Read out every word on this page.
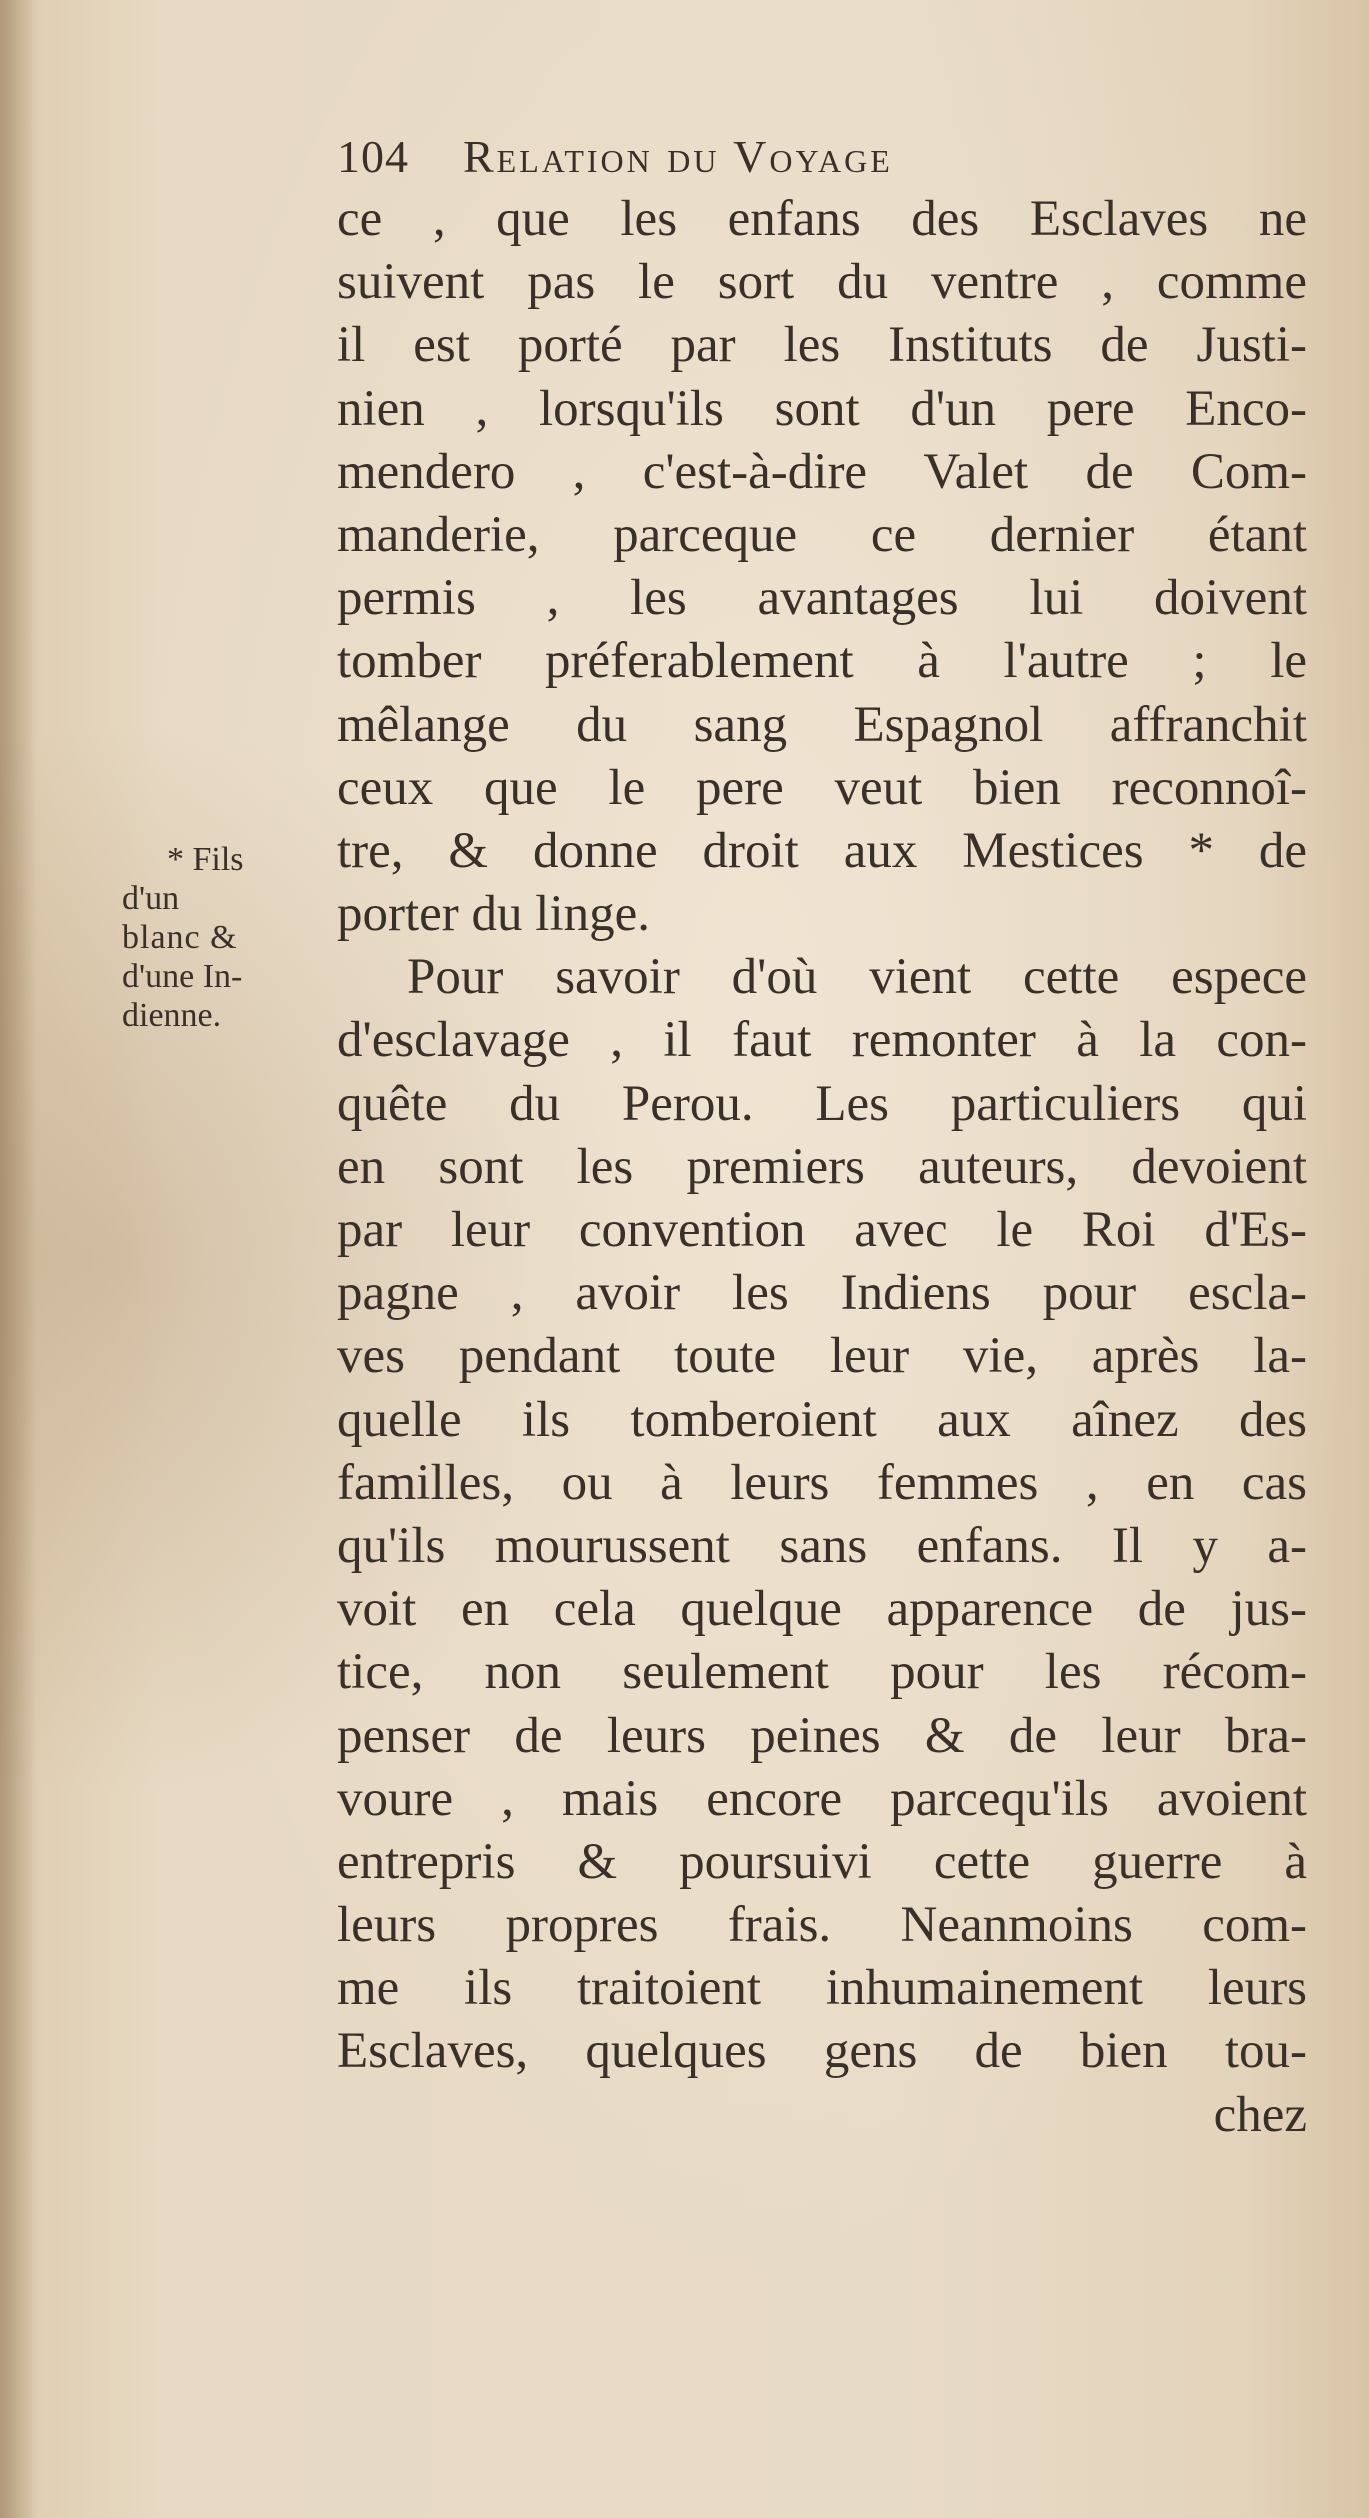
104 Relation du Voyage
ce , que les enfans des Esclaves ne
suivent pas le sort du ventre , comme
il est porté par les Instituts de Justi-
nien , lorsqu'ils sont d'un pere Enco-
mendero , c'est-à-dire Valet de Com-
manderie, parceque ce dernier étant
permis , les avantages lui doivent
tomber préferablement à l'autre ; le
mêlange du sang Espagnol affranchit
ceux que le pere veut bien reconnoî-
tre, & donne droit aux Mestices * de
porter du linge.
Pour savoir d'où vient cette espece
d'esclavage , il faut remonter à la con-
quête du Perou. Les particuliers qui
en sont les premiers auteurs, devoient
par leur convention avec le Roi d'Es-
pagne , avoir les Indiens pour escla-
ves pendant toute leur vie, après la-
quelle ils tomberoient aux aînez des
familles, ou à leurs femmes , en cas
qu'ils mourussent sans enfans. Il y a-
voit en cela quelque apparence de jus-
tice, non seulement pour les récom-
penser de leurs peines & de leur bra-
voure , mais encore parcequ'ils avoient
entrepris & poursuivi cette guerre à
leurs propres frais. Neanmoins com-
me ils traitoient inhumainement leurs
Esclaves, quelques gens de bien tou-
chez
* Fils
d'un
blanc &
d'une In-
dienne.
